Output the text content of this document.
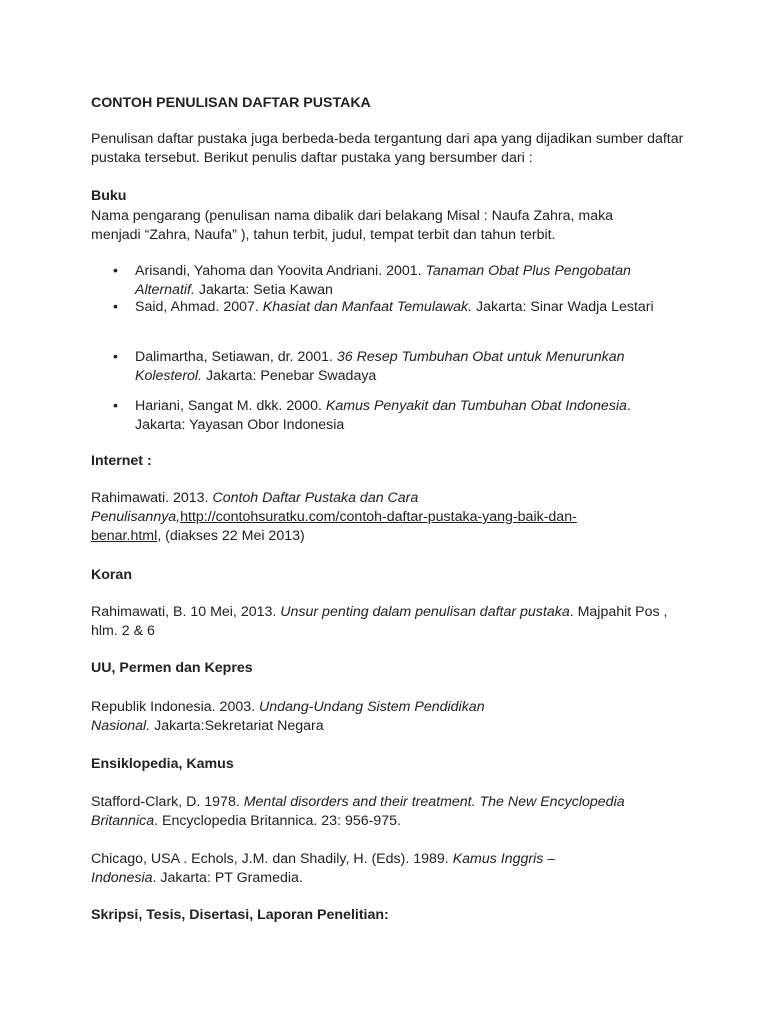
CONTOH PENULISAN DAFTAR PUSTAKA

Penulisan daftar pustaka juga berbeda-beda tergantung dari apa yang dijadikan sumber daftar pustaka tersebut. Berikut penulis daftar pustaka yang bersumber dari :

Buku

Nama pengarang (penulisan nama dibalik dari belakang Misal : Naufa Zahra, maka menjadi “Zahra, Naufa” ), tahun terbit, judul, tempat terbit dan tahun terbit.

• Arisandi, Yahoma dan Yoovita Andriani. 2001. Tanaman Obat Plus Pengobatan Alternatif. Jakarta: Setia Kawan
• Said, Ahmad. 2007. Khasiat dan Manfaat Temulawak. Jakarta: Sinar Wadja Lestari
• Dalimartha, Setiawan, dr. 2001. 36 Resep Tumbuhan Obat untuk Menurunkan Kolesterol. Jakarta: Penebar Swadaya
• Hariani, Sangat M. dkk. 2000. Kamus Penyakit dan Tumbuhan Obat Indonesia. Jakarta: Yayasan Obor Indonesia

Internet :

Rahimawati. 2013. Contoh Daftar Pustaka dan Cara Penulisannya,http://contohsuratku.com/contoh-daftar-pustaka-yang-baik-dan-benar.html, (diakses 22 Mei 2013)

Koran

Rahimawati, B. 10 Mei, 2013. Unsur penting dalam penulisan daftar pustaka. Majpahit Pos , hlm. 2 & 6

UU, Permen dan Kepres

Republik Indonesia. 2003. Undang-Undang Sistem Pendidikan Nasional. Jakarta:Sekretariat Negara

Ensiklopedia, Kamus

Stafford-Clark, D. 1978. Mental disorders and their treatment. The New Encyclopedia Britannica. Encyclopedia Britannica. 23: 956-975.

Chicago, USA . Echols, J.M. dan Shadily, H. (Eds). 1989. Kamus Inggris – Indonesia. Jakarta: PT Gramedia.

Skripsi, Tesis, Disertasi, Laporan Penelitian:
